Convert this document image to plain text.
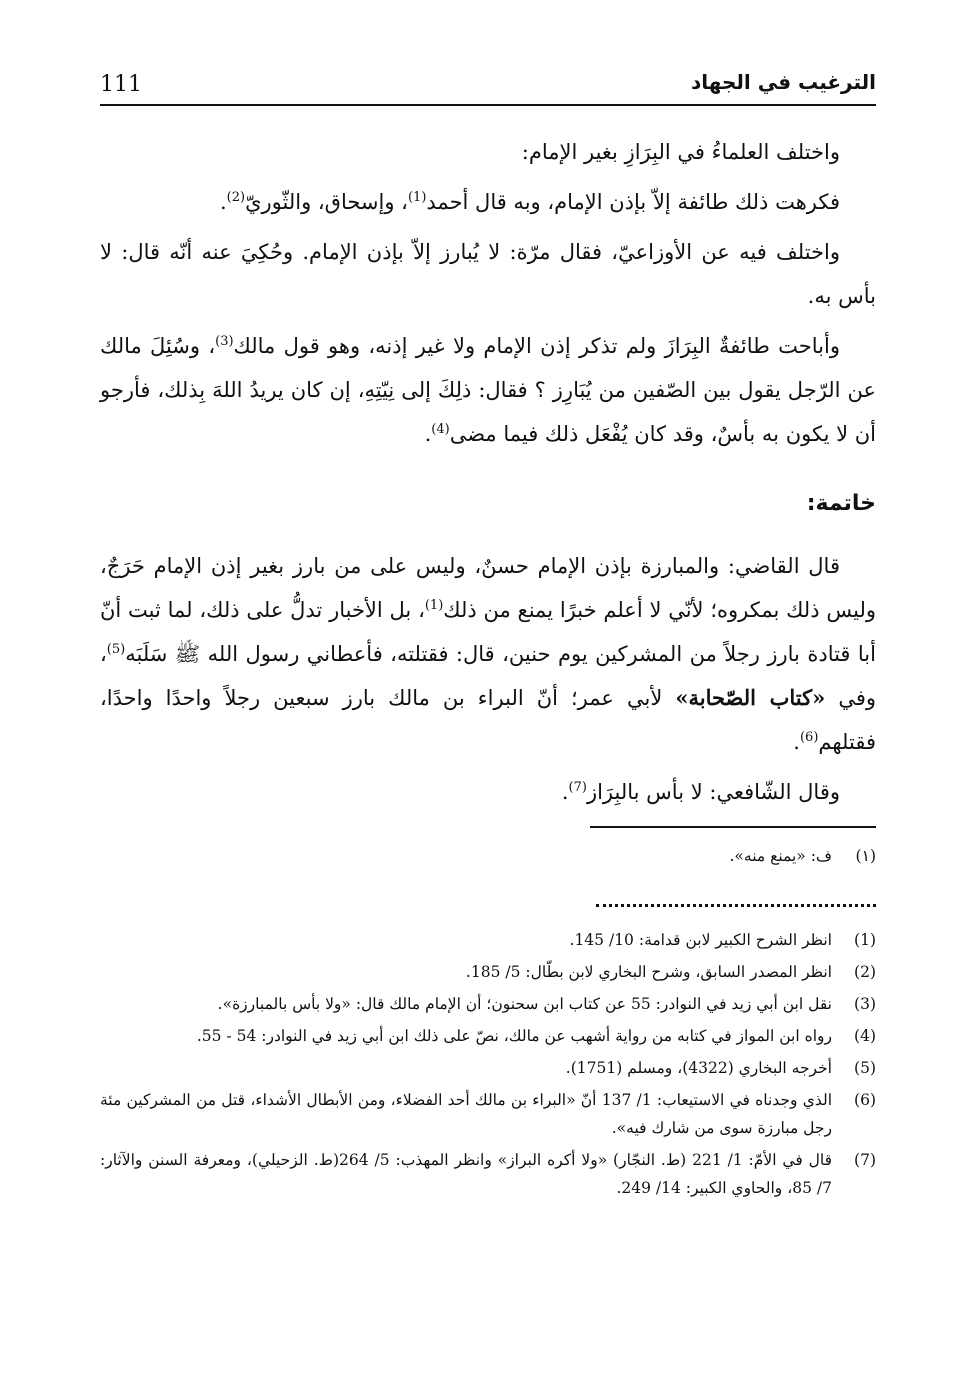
111	الترغيب في الجهاد

واختلف العلماءُ في البِرَازِ بغير الإمام:

فكرهت ذلك طائفة إلاّ بإذن الإمام، وبه قال أحمد$^{(1)}$، وإسحاق، والثّوريّ$^{(2)}$.

واختلف فيه عن الأوزاعيّ، فقال مرّة: لا يُبارز إلاّ بإذن الإمام. وحُكِيَ عنه أنّه قال: لا بأس به.

وأباحت طائفةٌ البِرَازَ ولم تذكر إذن الإمام ولا غير إذنه، وهو قول مالك$^{(3)}$، وسُئِلَ مالك عن الرّجل يقول بين الصّفين من يُبَارِز ؟ فقال: ذلِكَ إلى نِيّتِهِ، إن كان يريدُ اللهَ بِذلك، فأرجو أن لا يكون به بأسٌ، وقد كان يُفْعَل ذلك فيما مضى$^{(4)}$.

خاتمة:

قال القاضي: والمبارزة بإذن الإمام حسنٌ، وليس على من بارز بغير إذن الإمام حَرَجٌ، وليس ذلك بمكروه؛ لأنّي لا أعلم خبرًا يمنع من ذلك$^{(1)}$، بل الأخبار تدلُّ على ذلك، لما ثبت أنّ أبا قتادة بارز رجلاً من المشركين يوم حنين، قال: فقتلته، فأعطاني رسول الله ﷺ سَلَبَه$^{(5)}$، وفي «كتاب الصّحابة» لأبي عمر؛ أنّ البراء بن مالك بارز سبعين رجلاً واحدًا واحدًا، فقتلهم$^{(6)}$.

وقال الشّافعي: لا بأس بالبِرَاز$^{(7)}$.

(١)
ف: «يمنع منه».
(1)
انظر الشرح الكبير لابن قدامة: 10/ 145.
(2)
انظر المصدر السابق، وشرح البخاري لابن بطّال: 5/ 185.
(3)
نقل ابن أبي زيد في النوادر: 55 عن كتاب ابن سحنون؛ أن الإمام مالك قال: «ولا بأس بالمبارزة».
(4)
رواه ابن المواز في كتابه من رواية أشهب عن مالك، نصّ على ذلك ابن أبي زيد في النوادر: 54 - 55.
(5)
أخرجه البخاري (4322)، ومسلم (1751).
(6)
الذي وجدناه في الاستيعاب: 1/ 137 أنّ «البراء بن مالك أحد الفضلاء، ومن الأبطال الأشداء، قتل من المشركين مئة رجل مبارزة سوى من شارك فيه».
(7)
قال في الأمّ: 1/ 221 (ط. النجّار) «ولا أكره البراز» وانظر المهذب: 5/ 264(ط. الزحيلي)، ومعرفة السنن والآثار: 7/ 85، والحاوي الكبير: 14/ 249.
